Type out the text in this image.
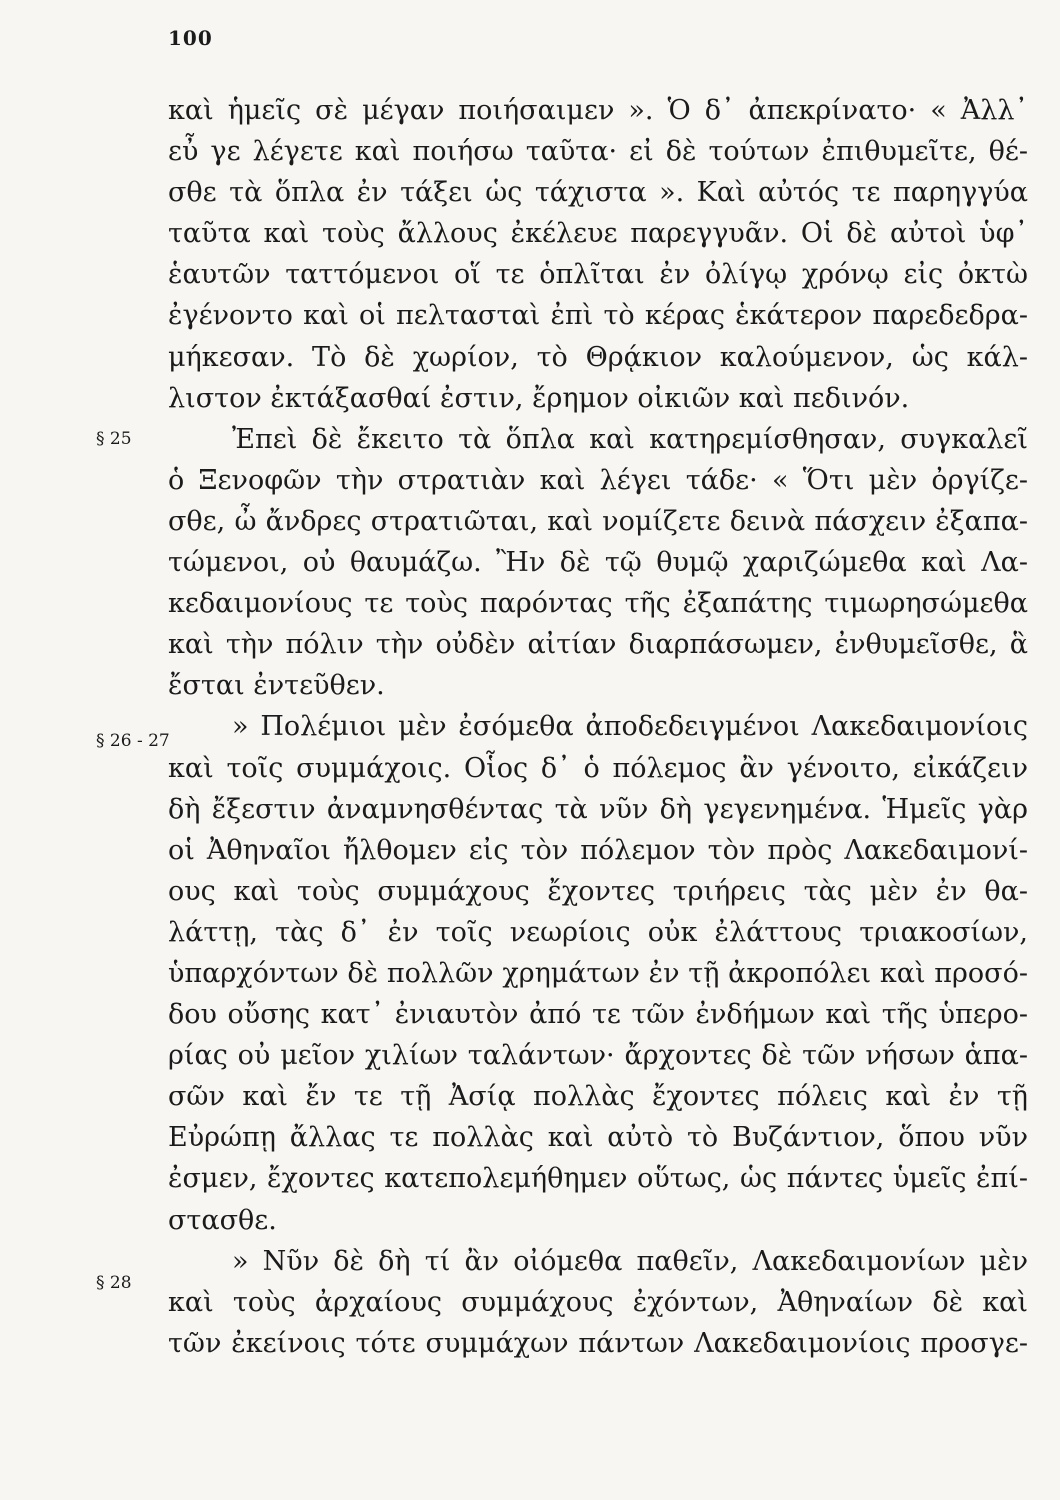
100
§ 25
§ 26 - 27
§ 28
καὶ ἡμεῖς σὲ μέγαν ποιήσαιμεν ». Ὁ δ᾽ ἀπεκρίνατο· « Ἀλλ᾽
εὖ γε λέγετε καὶ ποιήσω ταῦτα· εἰ δὲ τούτων ἐπιθυμεῖτε, θέ-
σθε τὰ ὅπλα ἐν τάξει ὡς τάχιστα ». Καὶ αὐτός τε παρηγγύα
ταῦτα καὶ τοὺς ἄλλους ἐκέλευε παρεγγυᾶν. Οἱ δὲ αὐτοὶ ὑφ᾽
ἑαυτῶν ταττόμενοι οἵ τε ὁπλῖται ἐν ὀλίγῳ χρόνῳ εἰς ὀκτὼ
ἐγένοντο καὶ οἱ πελτασταὶ ἐπὶ τὸ κέρας ἑκάτερον παρεδεδρα-
μήκεσαν. Τὸ δὲ χωρίον, τὸ Θρᾴκιον καλούμενον, ὡς κάλ-
λιστον ἐκτάξασθαί ἐστιν, ἔρημον οἰκιῶν καὶ πεδινόν.
Ἐπεὶ δὲ ἔκειτο τὰ ὅπλα καὶ κατηρεμίσθησαν, συγκαλεῖ
ὁ Ξενοφῶν τὴν στρατιὰν καὶ λέγει τάδε· « Ὅτι μὲν ὀργίζε-
σθε, ὦ ἄνδρες στρατιῶται, καὶ νομίζετε δεινὰ πάσχειν ἐξαπα-
τώμενοι, οὐ θαυμάζω. Ἢν δὲ τῷ θυμῷ χαριζώμεθα καὶ Λα-
κεδαιμονίους τε τοὺς παρόντας τῆς ἐξαπάτης τιμωρησώμεθα
καὶ τὴν πόλιν τὴν οὐδὲν αἰτίαν διαρπάσωμεν, ἐνθυμεῖσθε, ἃ
ἔσται ἐντεῦθεν.
» Πολέμιοι μὲν ἐσόμεθα ἀποδεδειγμένοι Λακεδαιμονίοις
καὶ τοῖς συμμάχοις. Οἷος δ᾽ ὁ πόλεμος ἂν γένοιτο, εἰκάζειν
δὴ ἔξεστιν ἀναμνησθέντας τὰ νῦν δὴ γεγενημένα. Ἡμεῖς γὰρ
οἱ Ἀθηναῖοι ἤλθομεν εἰς τὸν πόλεμον τὸν πρὸς Λακεδαιμονί-
ους καὶ τοὺς συμμάχους ἔχοντες τριήρεις τὰς μὲν ἐν θα-
λάττῃ, τὰς δ᾽ ἐν τοῖς νεωρίοις οὐκ ἐλάττους τριακοσίων,
ὑπαρχόντων δὲ πολλῶν χρημάτων ἐν τῇ ἀκροπόλει καὶ προσό-
δου οὔσης κατ᾽ ἐνιαυτὸν ἀπό τε τῶν ἐνδήμων καὶ τῆς ὑπερο-
ρίας οὐ μεῖον χιλίων ταλάντων· ἄρχοντες δὲ τῶν νήσων ἁπα-
σῶν καὶ ἔν τε τῇ Ἀσίᾳ πολλὰς ἔχοντες πόλεις καὶ ἐν τῇ
Εὐρώπῃ ἄλλας τε πολλὰς καὶ αὐτὸ τὸ Βυζάντιον, ὅπου νῦν
ἐσμεν, ἔχοντες κατεπολεμήθημεν οὕτως, ὡς πάντες ὑμεῖς ἐπί-
στασθε.
» Νῦν δὲ δὴ τί ἂν οἰόμεθα παθεῖν, Λακεδαιμονίων μὲν
καὶ τοὺς ἀρχαίους συμμάχους ἐχόντων, Ἀθηναίων δὲ καὶ
τῶν ἐκείνοις τότε συμμάχων πάντων Λακεδαιμονίοις προσγε-
